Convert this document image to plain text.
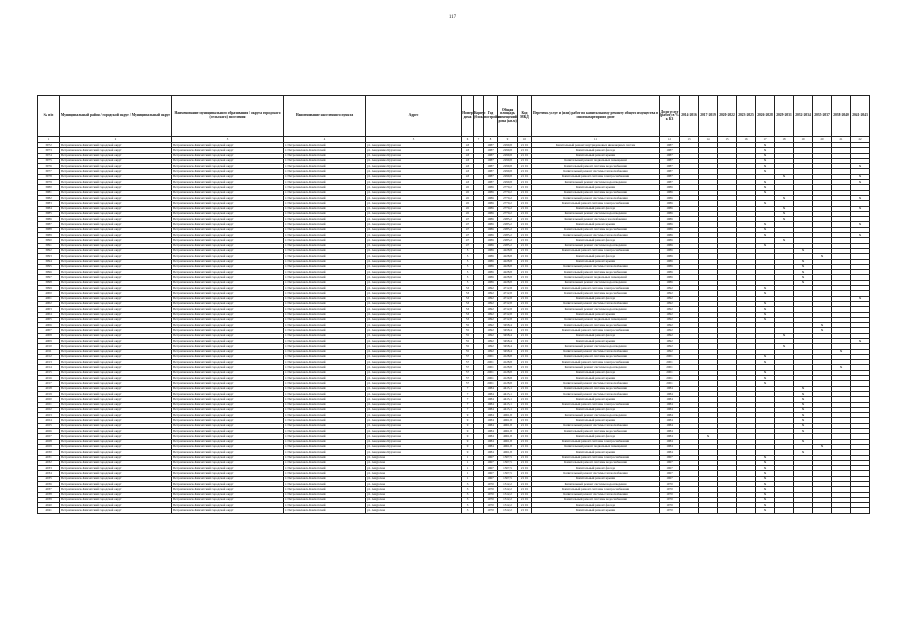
117
№ п/п	Муниципальный район / городской округ / Муниципальный округ	Наименование муниципального образования / округа городского (сельского) поселения	Наименование населенного пункта	Адрес	Номер дома	Корпус (блок)	Год постройки	Общая площадь помещений дома (кв.м)	Код МКД	Перечень услуг и (или) работ по капитальному ремонту общего имущества в многоквартирном доме	Доля услуг (работ) в % к КЗ	2014-2016	2017-2019	2020-2022	2023-2025	2026-2028	2029-2031	2032-2034	2035-2037	2038-2040	2041-2043
1	2	3	4	5	6	7	8	9	10	11	12	13	14	15	16	17	18	19	20	21	22
3972	Петропавловск-Камчатский городской округ	Петропавловск-Камчатский городской округ	г. Петропавловск-Камчатский	ул. Академика Курчатова	43		1987	2299,8	21 01	Капитальный ремонт внутридомовых инженерных систем	1987					X					
3973	Петропавловск-Камчатский городской округ	Петропавловск-Камчатский городской округ	г. Петропавловск-Камчатский	ул. Академика Курчатова	43		1987	2299,8	21 01	Капитальный ремонт фасада	1987					X					
3974	Петропавловск-Камчатский городской округ	Петропавловск-Камчатский городской округ	г. Петропавловск-Камчатский	ул. Академика Курчатова	43		1987	2299,8	21 01	Капитальный ремонт крыши	1987					X					
3975	Петропавловск-Камчатский городской округ	Петропавловск-Камчатский городской округ	г. Петропавловск-Камчатский	ул. Академика Курчатова	43		1987	2299,8	21 01	Капитальный ремонт подвальных помещений	1987					X					
3976	Петропавловск-Камчатский городской округ	Петропавловск-Камчатский городской округ	г. Петропавловск-Камчатский	ул. Академика Курчатова	43		1987	2299,8	21 01	Капитальный ремонт системы водоснабжения	1987					X					X
3977	Петропавловск-Камчатский городской округ	Петропавловск-Камчатский городской округ	г. Петропавловск-Камчатский	ул. Академика Курчатова	43		1987	2299,8	21 01	Капитальный ремонт системы теплоснабжения	1987					X					
3978	Петропавловск-Камчатский городской округ	Петропавловск-Камчатский городской округ	г. Петропавловск-Камчатский	ул. Академика Курчатова	43		1987	2299,8	21 01	Капитальный ремонт системы электроснабжения	1987						X				X
3979	Петропавловск-Камчатский городской округ	Петропавловск-Камчатский городской округ	г. Петропавловск-Камчатский	ул. Академика Курчатова	43		1987	2299,8	21 01	Капитальный ремонт системы водоотведения	1987					X					X
3980	Петропавловск-Камчатский городской округ	Петропавловск-Камчатский городской округ	г. Петропавловск-Камчатский	ул. Академика Курчатова	45		1986	2770,2	21 01	Капитальный ремонт крыши	1986					X					
3981	Петропавловск-Камчатский городской округ	Петропавловск-Камчатский городской округ	г. Петропавловск-Камчатский	ул. Академика Курчатова	45		1986	2770,2	21 01	Капитальный ремонт системы водоснабжения	1986					X					
3982	Петропавловск-Камчатский городской округ	Петропавловск-Камчатский городской округ	г. Петропавловск-Камчатский	ул. Академика Курчатова	45		1986	2770,2	21 01	Капитальный ремонт системы теплоснабжения	1986						X				X
3983	Петропавловск-Камчатский городской округ	Петропавловск-Камчатский городской округ	г. Петропавловск-Камчатский	ул. Академика Курчатова	45		1986	2770,2	21 01	Капитальный ремонт системы электроснабжения	1986					X					
3984	Петропавловск-Камчатский городской округ	Петропавловск-Камчатский городской округ	г. Петропавловск-Камчатский	ул. Академика Курчатова	45		1986	2770,2	21 01	Капитальный ремонт фасада	1986						X				X
3985	Петропавловск-Камчатский городской округ	Петропавловск-Камчатский городской округ	г. Петропавловск-Камчатский	ул. Академика Курчатова	45		1986	2770,2	21 01	Капитальный ремонт системы водоотведения	1986						X				
3986	Петропавловск-Камчатский городской округ	Петропавловск-Камчатский городской округ	г. Петропавловск-Камчатский	ул. Академика Курчатова	47		1986	2285,2	21 01	Капитальный ремонт системы газоснабжения	1986						X				
3987	Петропавловск-Камчатский городской округ	Петропавловск-Камчатский городской округ	г. Петропавловск-Камчатский	ул. Академика Курчатова	47		1986	2285,2	21 01	Капитальный ремонт крыши	1986					X					X
3988	Петропавловск-Камчатский городской округ	Петропавловск-Камчатский городской округ	г. Петропавловск-Камчатский	ул. Академика Курчатова	47		1986	2285,2	21 01	Капитальный ремонт системы водоснабжения	1986					X					
3989	Петропавловск-Камчатский городской округ	Петропавловск-Камчатский городской округ	г. Петропавловск-Камчатский	ул. Академика Курчатова	47		1986	2285,2	21 01	Капитальный ремонт системы теплоснабжения	1986					X					X
3990	Петропавловск-Камчатский городской округ	Петропавловск-Камчатский городской округ	г. Петропавловск-Камчатский	ул. Академика Курчатова	47		1986	2285,2	21 01	Капитальный ремонт фасада	1986						X				
3991	Петропавловск-Камчатский городской округ	Петропавловск-Камчатский городской округ	г. Петропавловск-Камчатский	ул. Академика Курчатова	47		1986	2285,2	21 01	Капитальный ремонт системы водоотведения	1986					X					
3992	Петропавловск-Камчатский городской округ	Петропавловск-Камчатский городской округ	г. Петропавловск-Камчатский	ул. Академика Курчатова	5		1986	4228,8	21 01	Капитальный ремонт системы электроснабжения	1986							X			
3993	Петропавловск-Камчатский городской округ	Петропавловск-Камчатский городской округ	г. Петропавловск-Камчатский	ул. Академика Курчатова	5		1986	4228,8	21 01	Капитальный ремонт фасада	1986								X		
3994	Петропавловск-Камчатский городской округ	Петропавловск-Камчатский городской округ	г. Петропавловск-Камчатский	ул. Академика Курчатова	5		1986	4228,8	21 01	Капитальный ремонт крыши	1986							X			
3995	Петропавловск-Камчатский городской округ	Петропавловск-Камчатский городской округ	г. Петропавловск-Камчатский	ул. Академика Курчатова	5		1986	4228,8	21 01	Капитальный ремонт системы теплоснабжения	1986							X			
3996	Петропавловск-Камчатский городской округ	Петропавловск-Камчатский городской округ	г. Петропавловск-Камчатский	ул. Академика Курчатова	5		1986	4228,8	21 01	Капитальный ремонт системы водоснабжения	1986							X			
3997	Петропавловск-Камчатский городской округ	Петропавловск-Камчатский городской округ	г. Петропавловск-Камчатский	ул. Академика Курчатова	5		1986	4228,8	21 01	Капитальный ремонт подвальных помещений	1986							X			
3998	Петропавловск-Камчатский городской округ	Петропавловск-Камчатский городской округ	г. Петропавловск-Камчатский	ул. Академика Курчатова	5		1986	4228,8	21 01	Капитальный ремонт системы водоотведения	1986							X			
3999	Петропавловск-Камчатский городской округ	Петропавловск-Камчатский городской округ	г. Петропавловск-Камчатский	ул. Академика Курчатова	53		1992	4712,8	21 01	Капитальный ремонт системы электроснабжения	1992					X					
4000	Петропавловск-Камчатский городской округ	Петропавловск-Камчатский городской округ	г. Петропавловск-Камчатский	ул. Академика Курчатова	53		1992	4712,8	21 01	Капитальный ремонт системы водоснабжения	1992					X					
4001	Петропавловск-Камчатский городской округ	Петропавловск-Камчатский городской округ	г. Петропавловск-Камчатский	ул. Академика Курчатова	53		1992	4712,8	21 01	Капитальный ремонт фасада	1992										X
4002	Петропавловск-Камчатский городской округ	Петропавловск-Камчатский городской округ	г. Петропавловск-Камчатский	ул. Академика Курчатова	53		1992	4712,8	21 01	Капитальный ремонт системы теплоснабжения	1992					X					
4003	Петропавловск-Камчатский городской округ	Петропавловск-Камчатский городской округ	г. Петропавловск-Камчатский	ул. Академика Курчатова	53		1992	4712,8	21 01	Капитальный ремонт системы водоотведения	1992					X					
4004	Петропавловск-Камчатский городской округ	Петропавловск-Камчатский городской округ	г. Петропавловск-Камчатский	ул. Академика Курчатова	53		1992	4712,8	21 01	Капитальный ремонт крыши	1992					X					
4005	Петропавловск-Камчатский городской округ	Петропавловск-Камчатский городской округ	г. Петропавловск-Камчатский	ул. Академика Курчатова	53		1992	4712,8	21 01	Капитальный ремонт подвальных помещений	1992					X					
4006	Петропавловск-Камчатский городской округ	Петропавловск-Камчатский городской округ	г. Петропавловск-Камчатский	ул. Академика Курчатова	55		1992	3458,4	21 01	Капитальный ремонт системы водоснабжения	1992								X		
4007	Петропавловск-Камчатский городской округ	Петропавловск-Камчатский городской округ	г. Петропавловск-Камчатский	ул. Академика Курчатова	55		1992	3458,4	21 01	Капитальный ремонт системы электроснабжения	1992								X		
4008	Петропавловск-Камчатский городской округ	Петропавловск-Камчатский городской округ	г. Петропавловск-Камчатский	ул. Академика Курчатова	55		1992	3458,4	21 01	Капитальный ремонт фасада	1992						X				
4009	Петропавловск-Камчатский городской округ	Петропавловск-Камчатский городской округ	г. Петропавловск-Камчатский	ул. Академика Курчатова	55		1992	3458,4	21 01	Капитальный ремонт крыши	1992										X
4010	Петропавловск-Камчатский городской округ	Петропавловск-Камчатский городской округ	г. Петропавловск-Камчатский	ул. Академика Курчатова	55		1992	3458,4	21 01	Капитальный ремонт системы водоотведения	1992						X				
4011	Петропавловск-Камчатский городской округ	Петропавловск-Камчатский городской округ	г. Петропавловск-Камчатский	ул. Академика Курчатова	55		1992	3458,4	21 01	Капитальный ремонт системы теплоснабжения	1992									X	
4012	Петропавловск-Камчатский городской округ	Петропавловск-Камчатский городской округ	г. Петропавловск-Камчатский	ул. Академика Курчатова	57		2001	4128,8	21 01	Капитальный ремонт системы водоснабжения	2001					X					
4013	Петропавловск-Камчатский городской округ	Петропавловск-Камчатский городской округ	г. Петропавловск-Камчатский	ул. Академика Курчатова	57		2001	4128,8	21 01	Капитальный ремонт системы электроснабжения	2001					X					
4014	Петропавловск-Камчатский городской округ	Петропавловск-Камчатский городской округ	г. Петропавловск-Камчатский	ул. Академика Курчатова	57		2001	4128,8	21 01	Капитальный ремонт системы водоотведения	2001									X	
4015	Петропавловск-Камчатский городской округ	Петропавловск-Камчатский городской округ	г. Петропавловск-Камчатский	ул. Академика Курчатова	57		2001	4128,8	21 01	Капитальный ремонт фасада	2001					X					
4016	Петропавловск-Камчатский городской округ	Петропавловск-Камчатский городской округ	г. Петропавловск-Камчатский	ул. Академика Курчатова	57		2001	4128,8	21 01	Капитальный ремонт крыши	2001					X					
4017	Петропавловск-Камчатский городской округ	Петропавловск-Камчатский городской округ	г. Петропавловск-Камчатский	ул. Академика Курчатова	57		2001	4128,8	21 01	Капитальный ремонт системы теплоснабжения	2001					X					
4018	Петропавловск-Камчатский городской округ	Петропавловск-Камчатский городской округ	г. Петропавловск-Камчатский	ул. Академика Курчатова	7		1984	4415,1	21 01	Капитальный ремонт системы водоснабжения	1984							X			
4019	Петропавловск-Камчатский городской округ	Петропавловск-Камчатский городской округ	г. Петропавловск-Камчатский	ул. Академика Курчатова	7		1984	4415,1	21 01	Капитальный ремонт системы теплоснабжения	1984							X			
4020	Петропавловск-Камчатский городской округ	Петропавловск-Камчатский городской округ	г. Петропавловск-Камчатский	ул. Академика Курчатова	7		1984	4415,1	21 01	Капитальный ремонт крыши	1984							X			
4021	Петропавловск-Камчатский городской округ	Петропавловск-Камчатский городской округ	г. Петропавловск-Камчатский	ул. Академика Курчатова	7		1984	4415,1	21 01	Капитальный ремонт системы электроснабжения	1984							X			
4022	Петропавловск-Камчатский городской округ	Петропавловск-Камчатский городской округ	г. Петропавловск-Камчатский	ул. Академика Курчатова	7		1984	4415,1	21 01	Капитальный ремонт фасада	1984							X			
4023	Петропавловск-Камчатский городской округ	Петропавловск-Камчатский городской округ	г. Петропавловск-Камчатский	ул. Академика Курчатова	9		1984	4061,8	21 01	Капитальный ремонт системы водоотведения	1984							X			
4024	Петропавловск-Камчатский городской округ	Петропавловск-Камчатский городской округ	г. Петропавловск-Камчатский	ул. Академика Курчатова	9		1984	4061,8	21 01	Капитальный ремонт крыши	1984							X			
4025	Петропавловск-Камчатский городской округ	Петропавловск-Камчатский городской округ	г. Петропавловск-Камчатский	ул. Академика Курчатова	9		1984	4061,8	21 01	Капитальный ремонт системы теплоснабжения	1984							X			
4026	Петропавловск-Камчатский городской округ	Петропавловск-Камчатский городской округ	г. Петропавловск-Камчатский	ул. Академика Курчатова	9		1984	4061,8	21 01	Капитальный ремонт системы водоснабжения	1984							X			
4027	Петропавловск-Камчатский городской округ	Петропавловск-Камчатский городской округ	г. Петропавловск-Камчатский	ул. Академика Курчатова	9		1984	4061,8	21 01	Капитальный ремонт фасада	1984		X								
4028	Петропавловск-Камчатский городской округ	Петропавловск-Камчатский городской округ	г. Петропавловск-Камчатский	ул. Академика Курчатова	9		1984	4061,8	21 01	Капитальный ремонт системы электроснабжения	1984							X			
4029	Петропавловск-Камчатский городской округ	Петропавловск-Камчатский городской округ	г. Петропавловск-Камчатский	ул. Академика Курчатова	9		1984	4061,8	21 01	Капитальный ремонт подвальных помещений	1984								X		
4030	Петропавловск-Камчатский городской округ	Петропавловск-Камчатский городской округ	г. Петропавловск-Камчатский	ул. Академика Курчатова	9		1984	4061,8	21 01	Капитальный ремонт крыши	1984							X			
4031	Петропавловск-Камчатский городской округ	Петропавловск-Камчатский городской округ	г. Петропавловск-Камчатский	ул. Амурская	1		1967	1307,5	21 01	Капитальный ремонт системы электроснабжения	1967					X					
4032	Петропавловск-Камчатский городской округ	Петропавловск-Камчатский городской округ	г. Петропавловск-Камчатский	ул. Амурская	1		1967	1307,5	21 01	Капитальный ремонт системы водоснабжения	1967					X					
4033	Петропавловск-Камчатский городской округ	Петропавловск-Камчатский городской округ	г. Петропавловск-Камчатский	ул. Амурская	1		1967	1307,5	21 01	Капитальный ремонт фасада	1967					X					
4034	Петропавловск-Камчатский городской округ	Петропавловск-Камчатский городской округ	г. Петропавловск-Камчатский	ул. Амурская	1		1967	1307,5	21 01	Капитальный ремонт системы теплоснабжения	1967					X					
4035	Петропавловск-Камчатский городской округ	Петропавловск-Камчатский городской округ	г. Петропавловск-Камчатский	ул. Амурская	1		1967	1307,5	21 01	Капитальный ремонт крыши	1967					X					
4036	Петропавловск-Камчатский городской округ	Петропавловск-Камчатский городской округ	г. Петропавловск-Камчатский	ул. Амурская	3		1970	1312,2	21 01	Капитальный ремонт системы водоотведения	1970					X					
4037	Петропавловск-Камчатский городской округ	Петропавловск-Камчатский городской округ	г. Петропавловск-Камчатский	ул. Амурская	3		1970	1312,2	21 01	Капитальный ремонт системы электроснабжения	1970					X					
4038	Петропавловск-Камчатский городской округ	Петропавловск-Камчатский городской округ	г. Петропавловск-Камчатский	ул. Амурская	3		1970	1312,2	21 01	Капитальный ремонт системы теплоснабжения	1970					X					
4039	Петропавловск-Камчатский городской округ	Петропавловск-Камчатский городской округ	г. Петропавловск-Камчатский	ул. Амурская	3		1970	1312,2	21 01	Капитальный ремонт системы водоснабжения	1970					X					
4040	Петропавловск-Камчатский городской округ	Петропавловск-Камчатский городской округ	г. Петропавловск-Камчатский	ул. Амурская	3		1970	1312,2	21 01	Капитальный ремонт фасада	1970					X					
4041	Петропавловск-Камчатский городской округ	Петропавловск-Камчатский городской округ	г. Петропавловск-Камчатский	ул. Амурская	3		1970	1312,2	21 01	Капитальный ремонт крыши	1970					X					
